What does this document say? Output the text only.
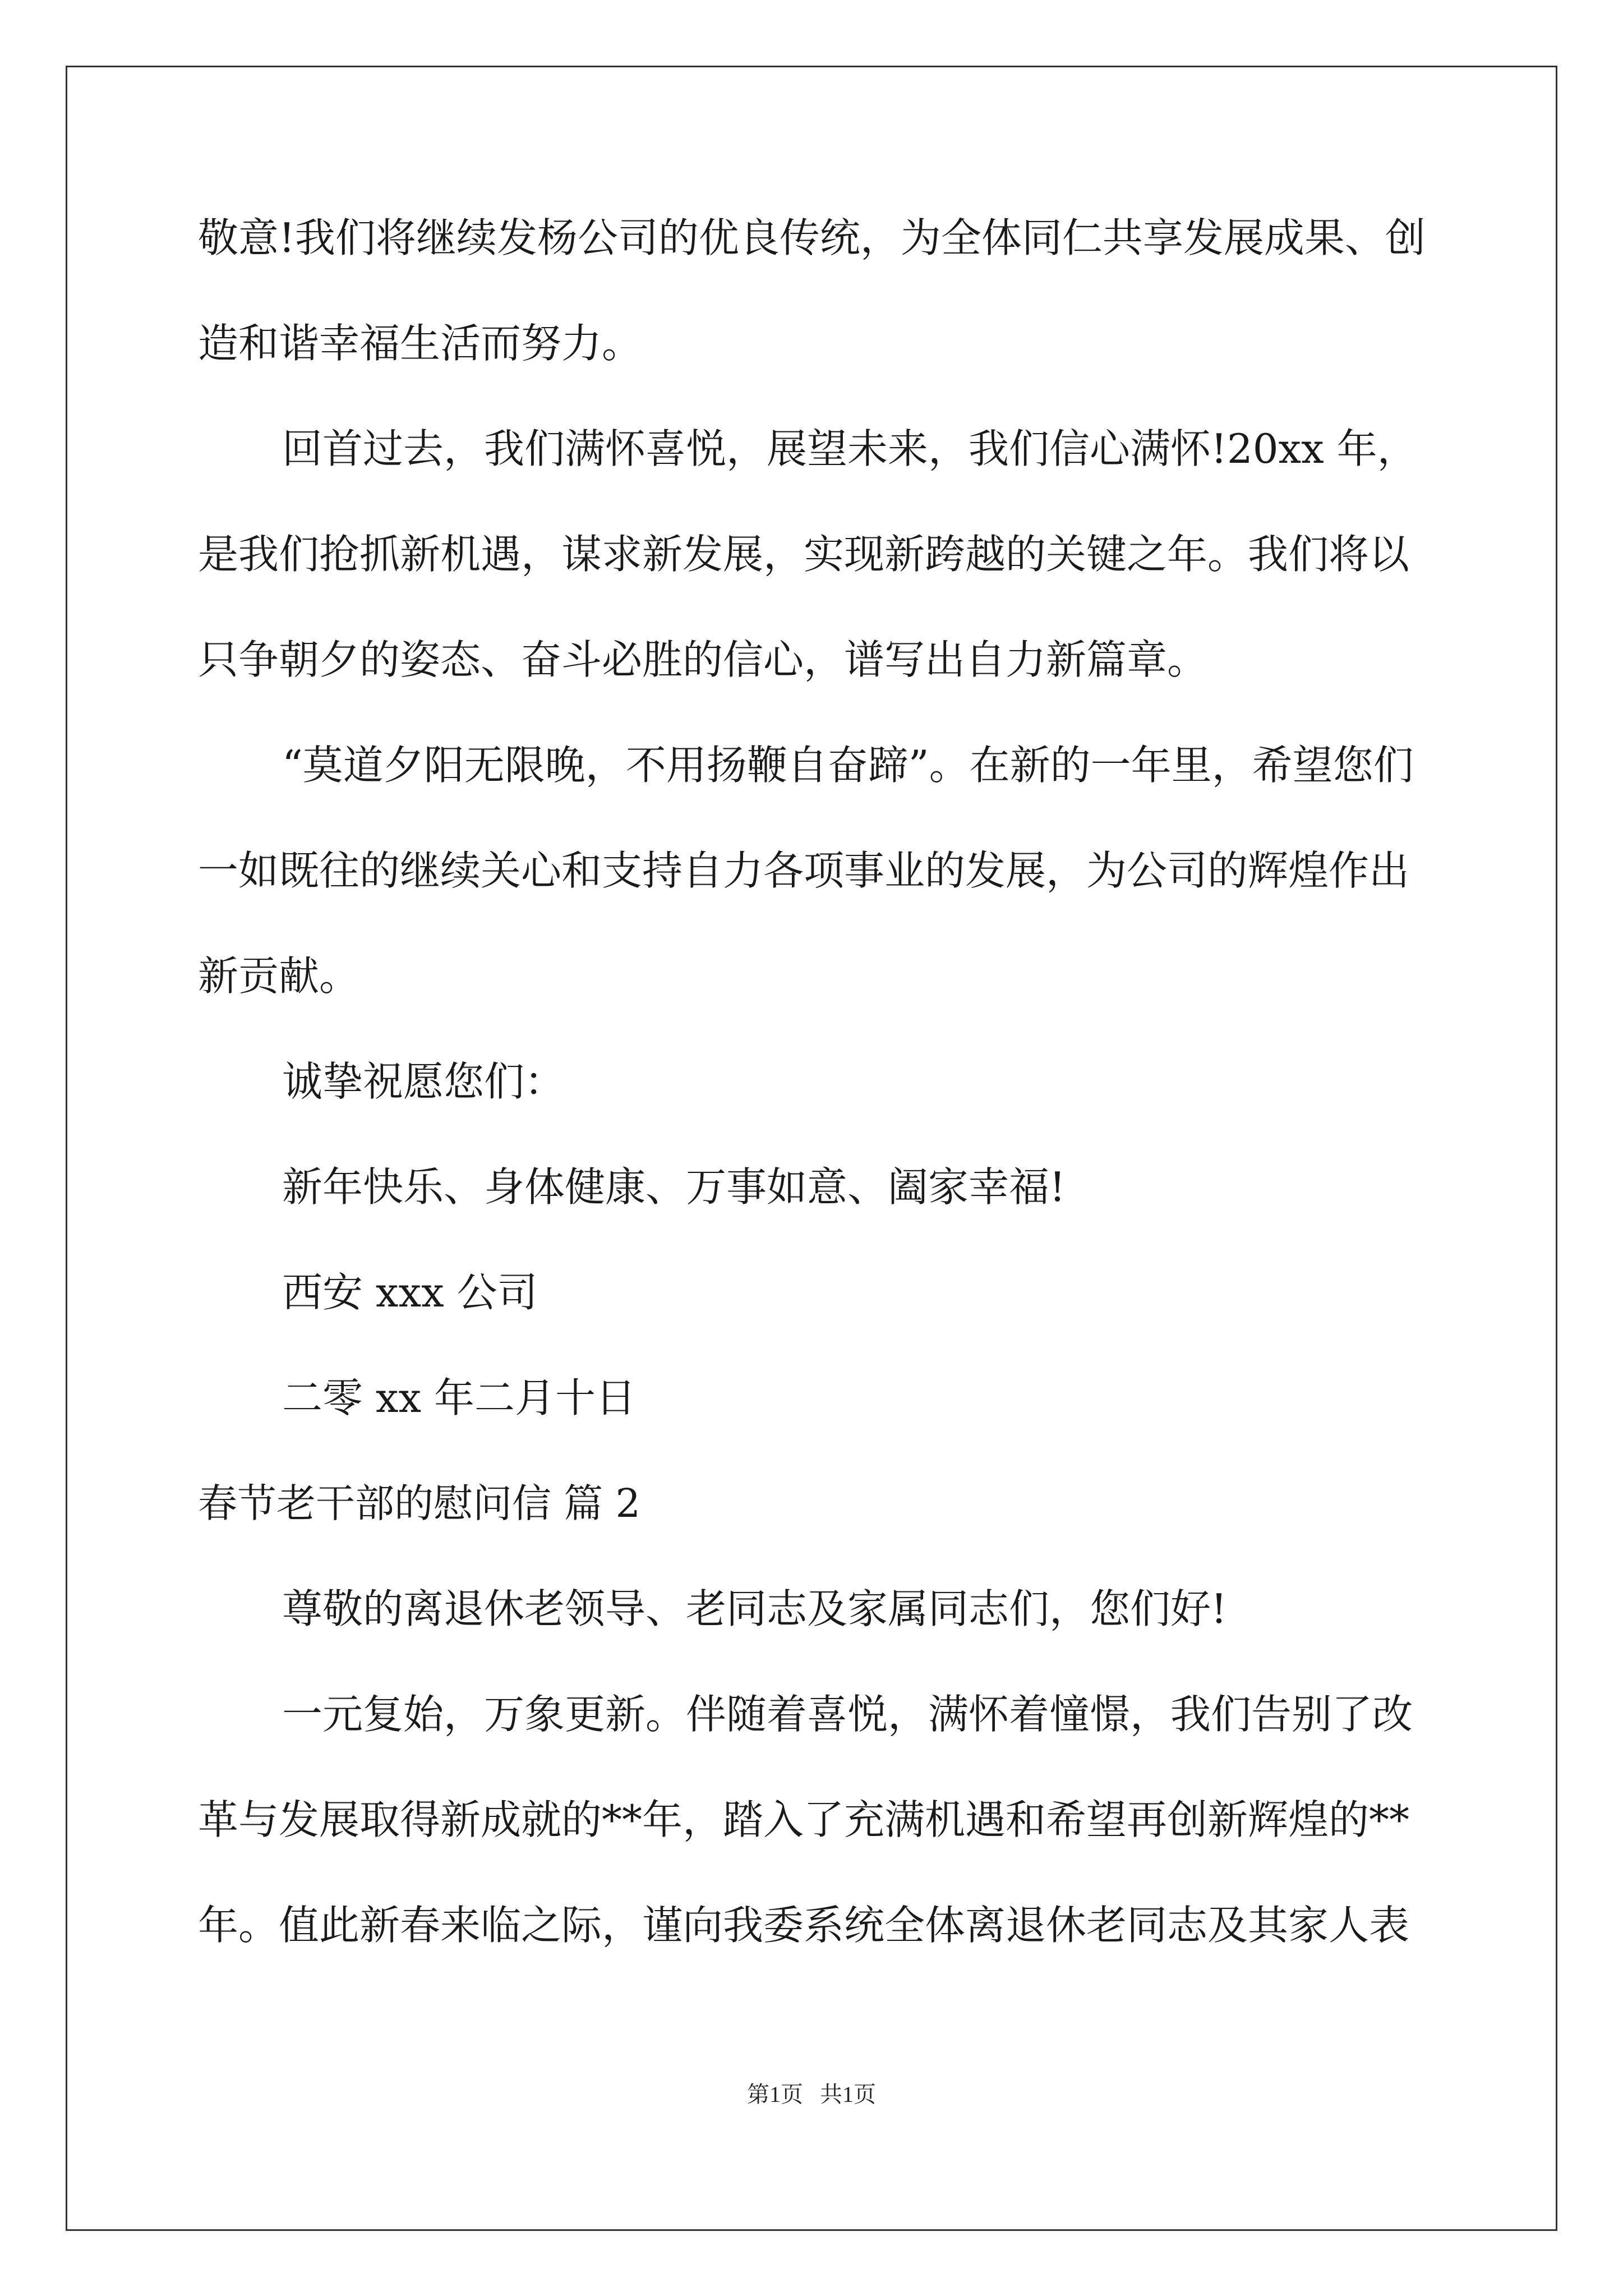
敬意!我们将继续发杨公司的优良传统，为全体同仁共享发展成果、创
造和谐幸福生活而努力。
回首过去，我们满怀喜悦，展望未来，我们信心满怀!20xx 年，
是我们抢抓新机遇，谋求新发展，实现新跨越的关键之年。我们将以
只争朝夕的姿态、奋斗必胜的信心，谱写出自力新篇章。
“莫道夕阳无限晚，不用扬鞭自奋蹄”。在新的一年里，希望您们
一如既往的继续关心和支持自力各项事业的发展，为公司的辉煌作出
新贡献。
诚挚祝愿您们：
新年快乐、身体健康、万事如意、阖家幸福!
西安 xxx 公司
二零 xx 年二月十日
春节老干部的慰问信 篇 2
尊敬的离退休老领导、老同志及家属同志们，您们好!
一元复始，万象更新。伴随着喜悦，满怀着憧憬，我们告别了改
革与发展取得新成就的**年，踏入了充满机遇和希望再创新辉煌的**
年。值此新春来临之际，谨向我委系统全体离退休老同志及其家人表
第1页   共1页
